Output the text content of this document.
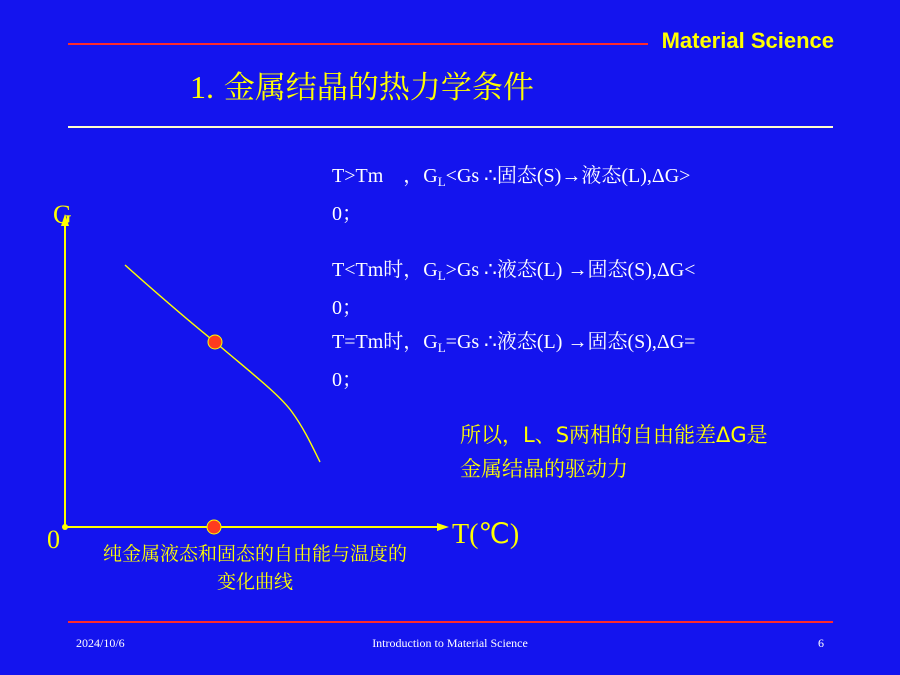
Material Science
1. 金属结晶的热力学条件
T>Tm    ，$G_L<Gs$ ∴固态(S)→液态(L),ΔG>
0；
T<Tm时，$G_L>Gs$ ∴液态(L) →固态(S),ΔG<
0；
T=Tm时，$G_L=Gs$ ∴液态(L) →固态(S),ΔG=
0；
所以，L、S两相的自由能差ΔG是
金属结晶的驱动力
G
0	T(℃)
纯金属液态和固态的自由能与温度的
变化曲线
2024/10/6	Introduction to Material Science	6
